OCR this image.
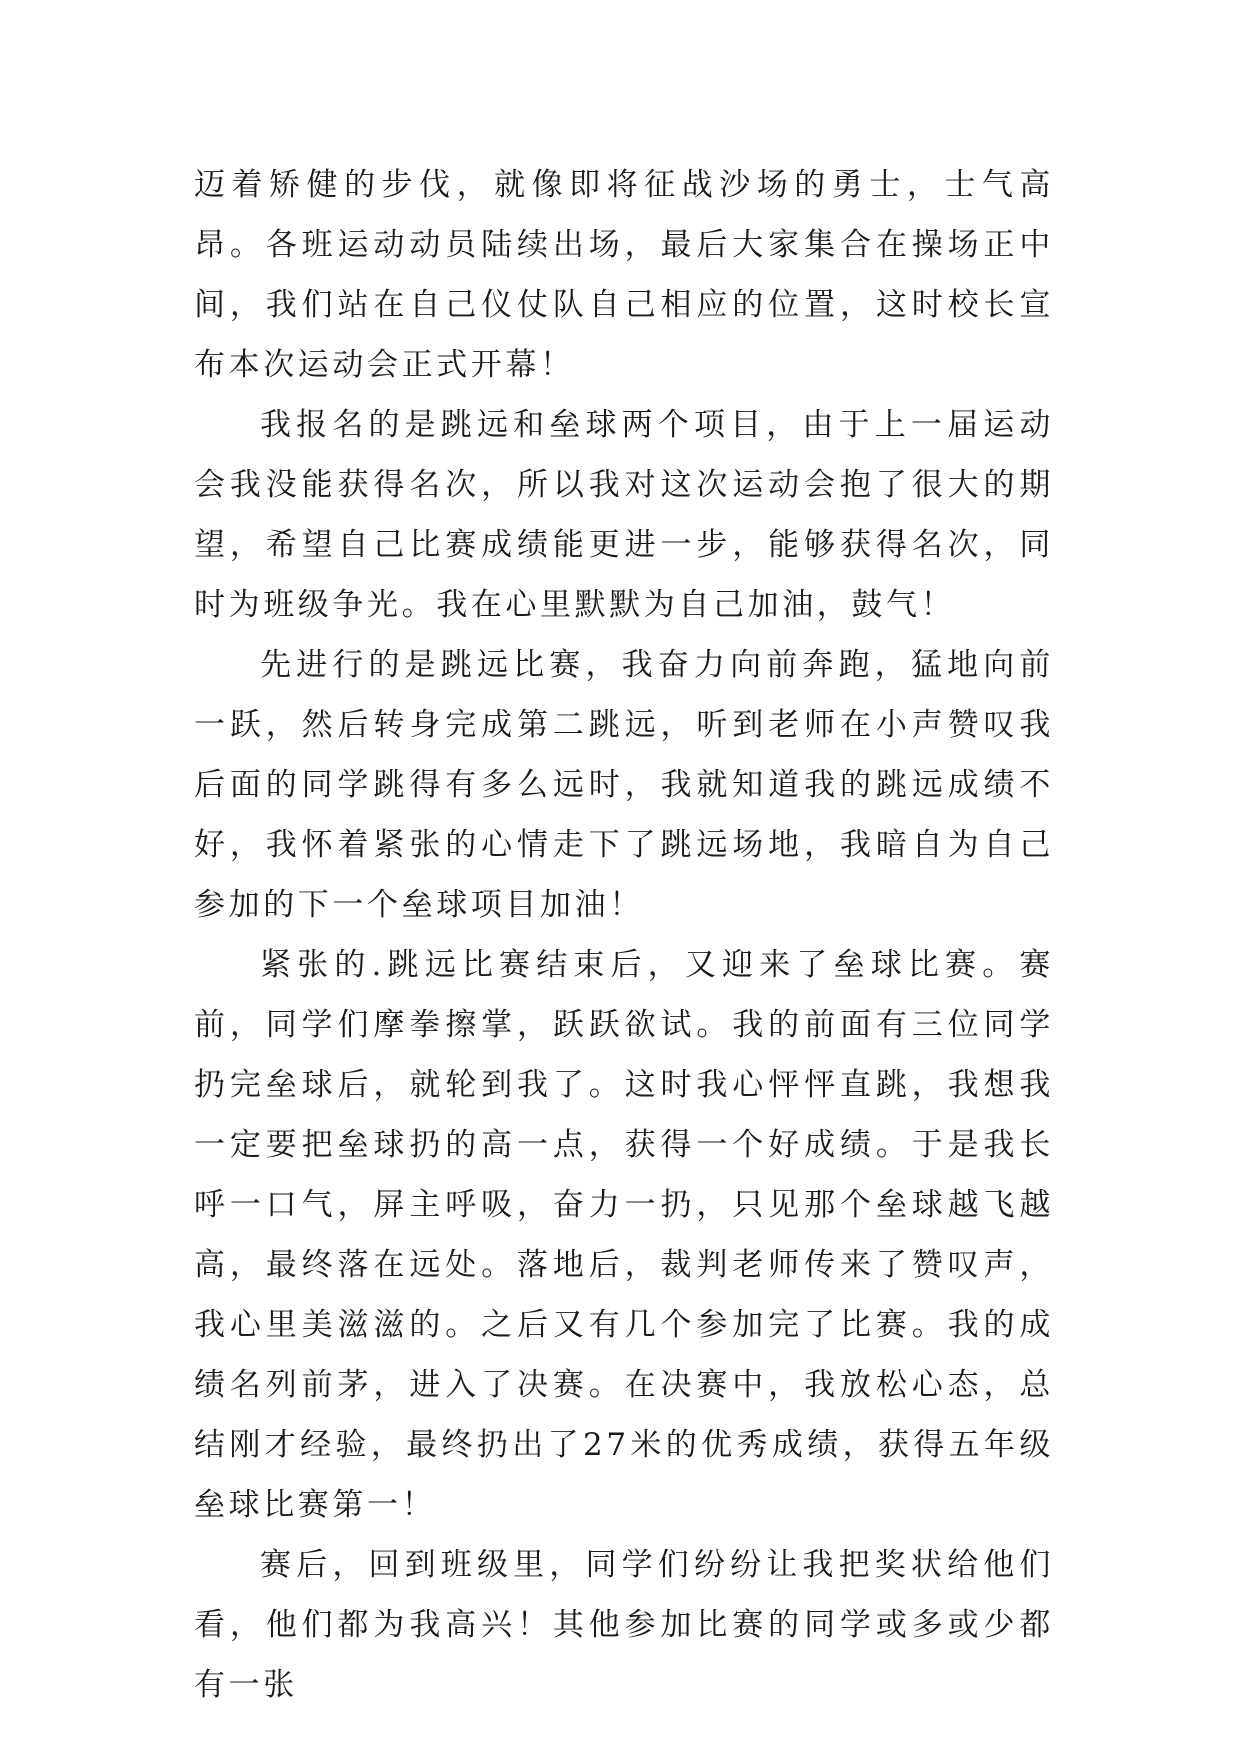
迈着矫健的步伐，就像即将征战沙场的勇士，士气高昂。各班运动动员陆续出场，最后大家集合在操场正中间，我们站在自己仪仗队自己相应的位置，这时校长宣布本次运动会正式开幕！

我报名的是跳远和垒球两个项目，由于上一届运动会我没能获得名次，所以我对这次运动会抱了很大的期望，希望自己比赛成绩能更进一步，能够获得名次，同时为班级争光。我在心里默默为自己加油，鼓气！

先进行的是跳远比赛，我奋力向前奔跑，猛地向前一跃，然后转身完成第二跳远，听到老师在小声赞叹我后面的同学跳得有多么远时，我就知道我的跳远成绩不好，我怀着紧张的心情走下了跳远场地，我暗自为自己参加的下一个垒球项目加油！

紧张的.跳远比赛结束后，又迎来了垒球比赛。赛前，同学们摩拳擦掌，跃跃欲试。我的前面有三位同学扔完垒球后，就轮到我了。这时我心怦怦直跳，我想我一定要把垒球扔的高一点，获得一个好成绩。于是我长呼一口气，屏主呼吸，奋力一扔，只见那个垒球越飞越高，最终落在远处。落地后，裁判老师传来了赞叹声，我心里美滋滋的。之后又有几个参加完了比赛。我的成绩名列前茅，进入了决赛。在决赛中，我放松心态，总结刚才经验，最终扔出了27米的优秀成绩，获得五年级垒球比赛第一！

赛后，回到班级里，同学们纷纷让我把奖状给他们看，他们都为我高兴！其他参加比赛的同学或多或少都有一张
